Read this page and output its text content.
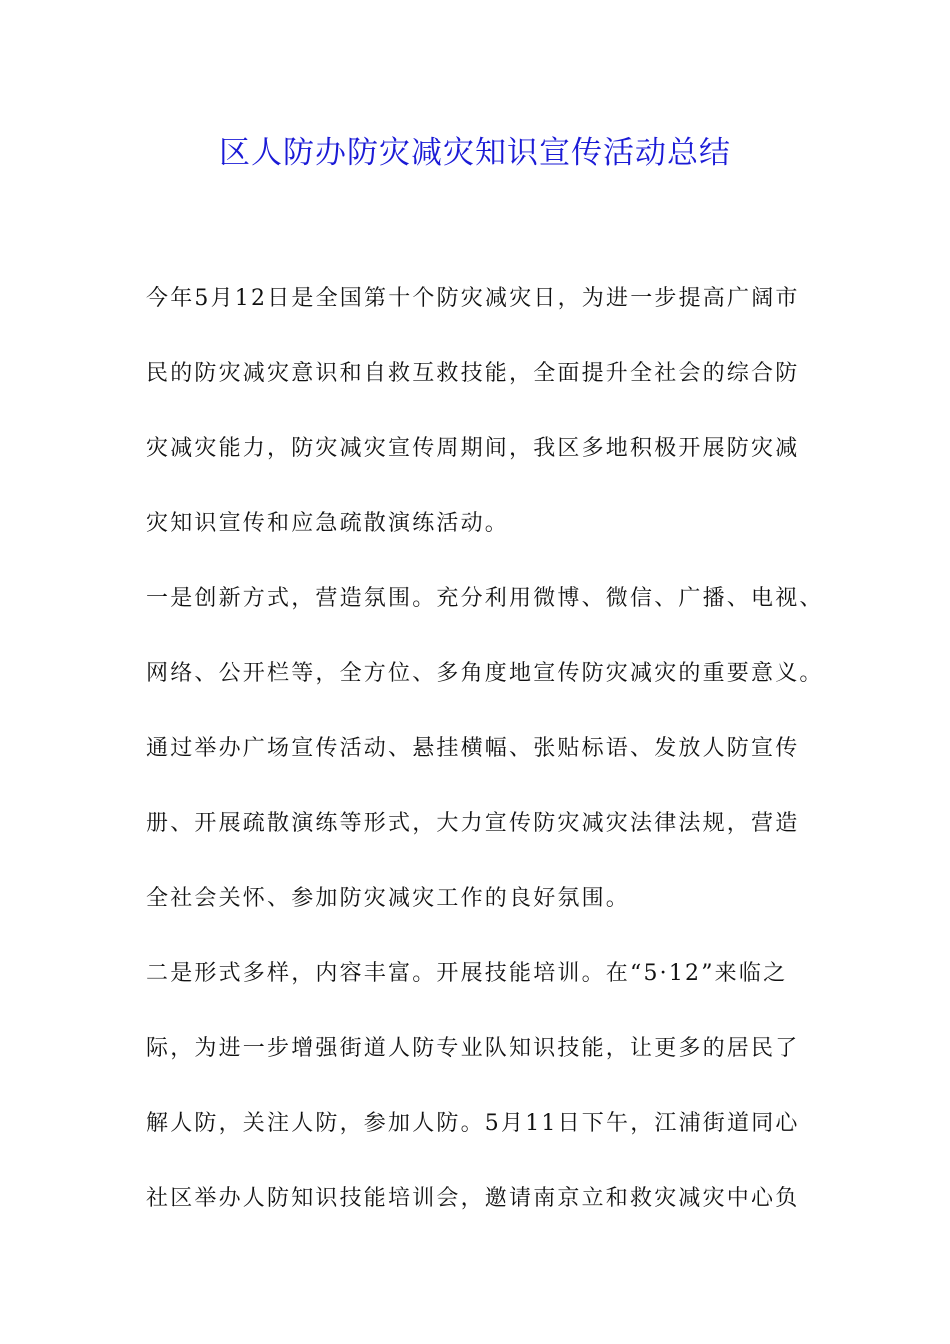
区人防办防灾减灾知识宣传活动总结
今年5月12日是全国第十个防灾减灾日，为进一步提高广阔市
民的防灾减灾意识和自救互救技能，全面提升全社会的综合防
灾减灾能力，防灾减灾宣传周期间，我区多地积极开展防灾减
灾知识宣传和应急疏散演练活动。
一是创新方式，营造氛围。充分利用微博、微信、广播、电视、
网络、公开栏等，全方位、多角度地宣传防灾减灾的重要意义。
通过举办广场宣传活动、悬挂横幅、张贴标语、发放人防宣传
册、开展疏散演练等形式，大力宣传防灾减灾法律法规，营造
全社会关怀、参加防灾减灾工作的良好氛围。
二是形式多样，内容丰富。开展技能培训。在“5·12”来临之
际，为进一步增强街道人防专业队知识技能，让更多的居民了
解人防，关注人防，参加人防。5月11日下午，江浦街道同心
社区举办人防知识技能培训会，邀请南京立和救灾减灾中心负
